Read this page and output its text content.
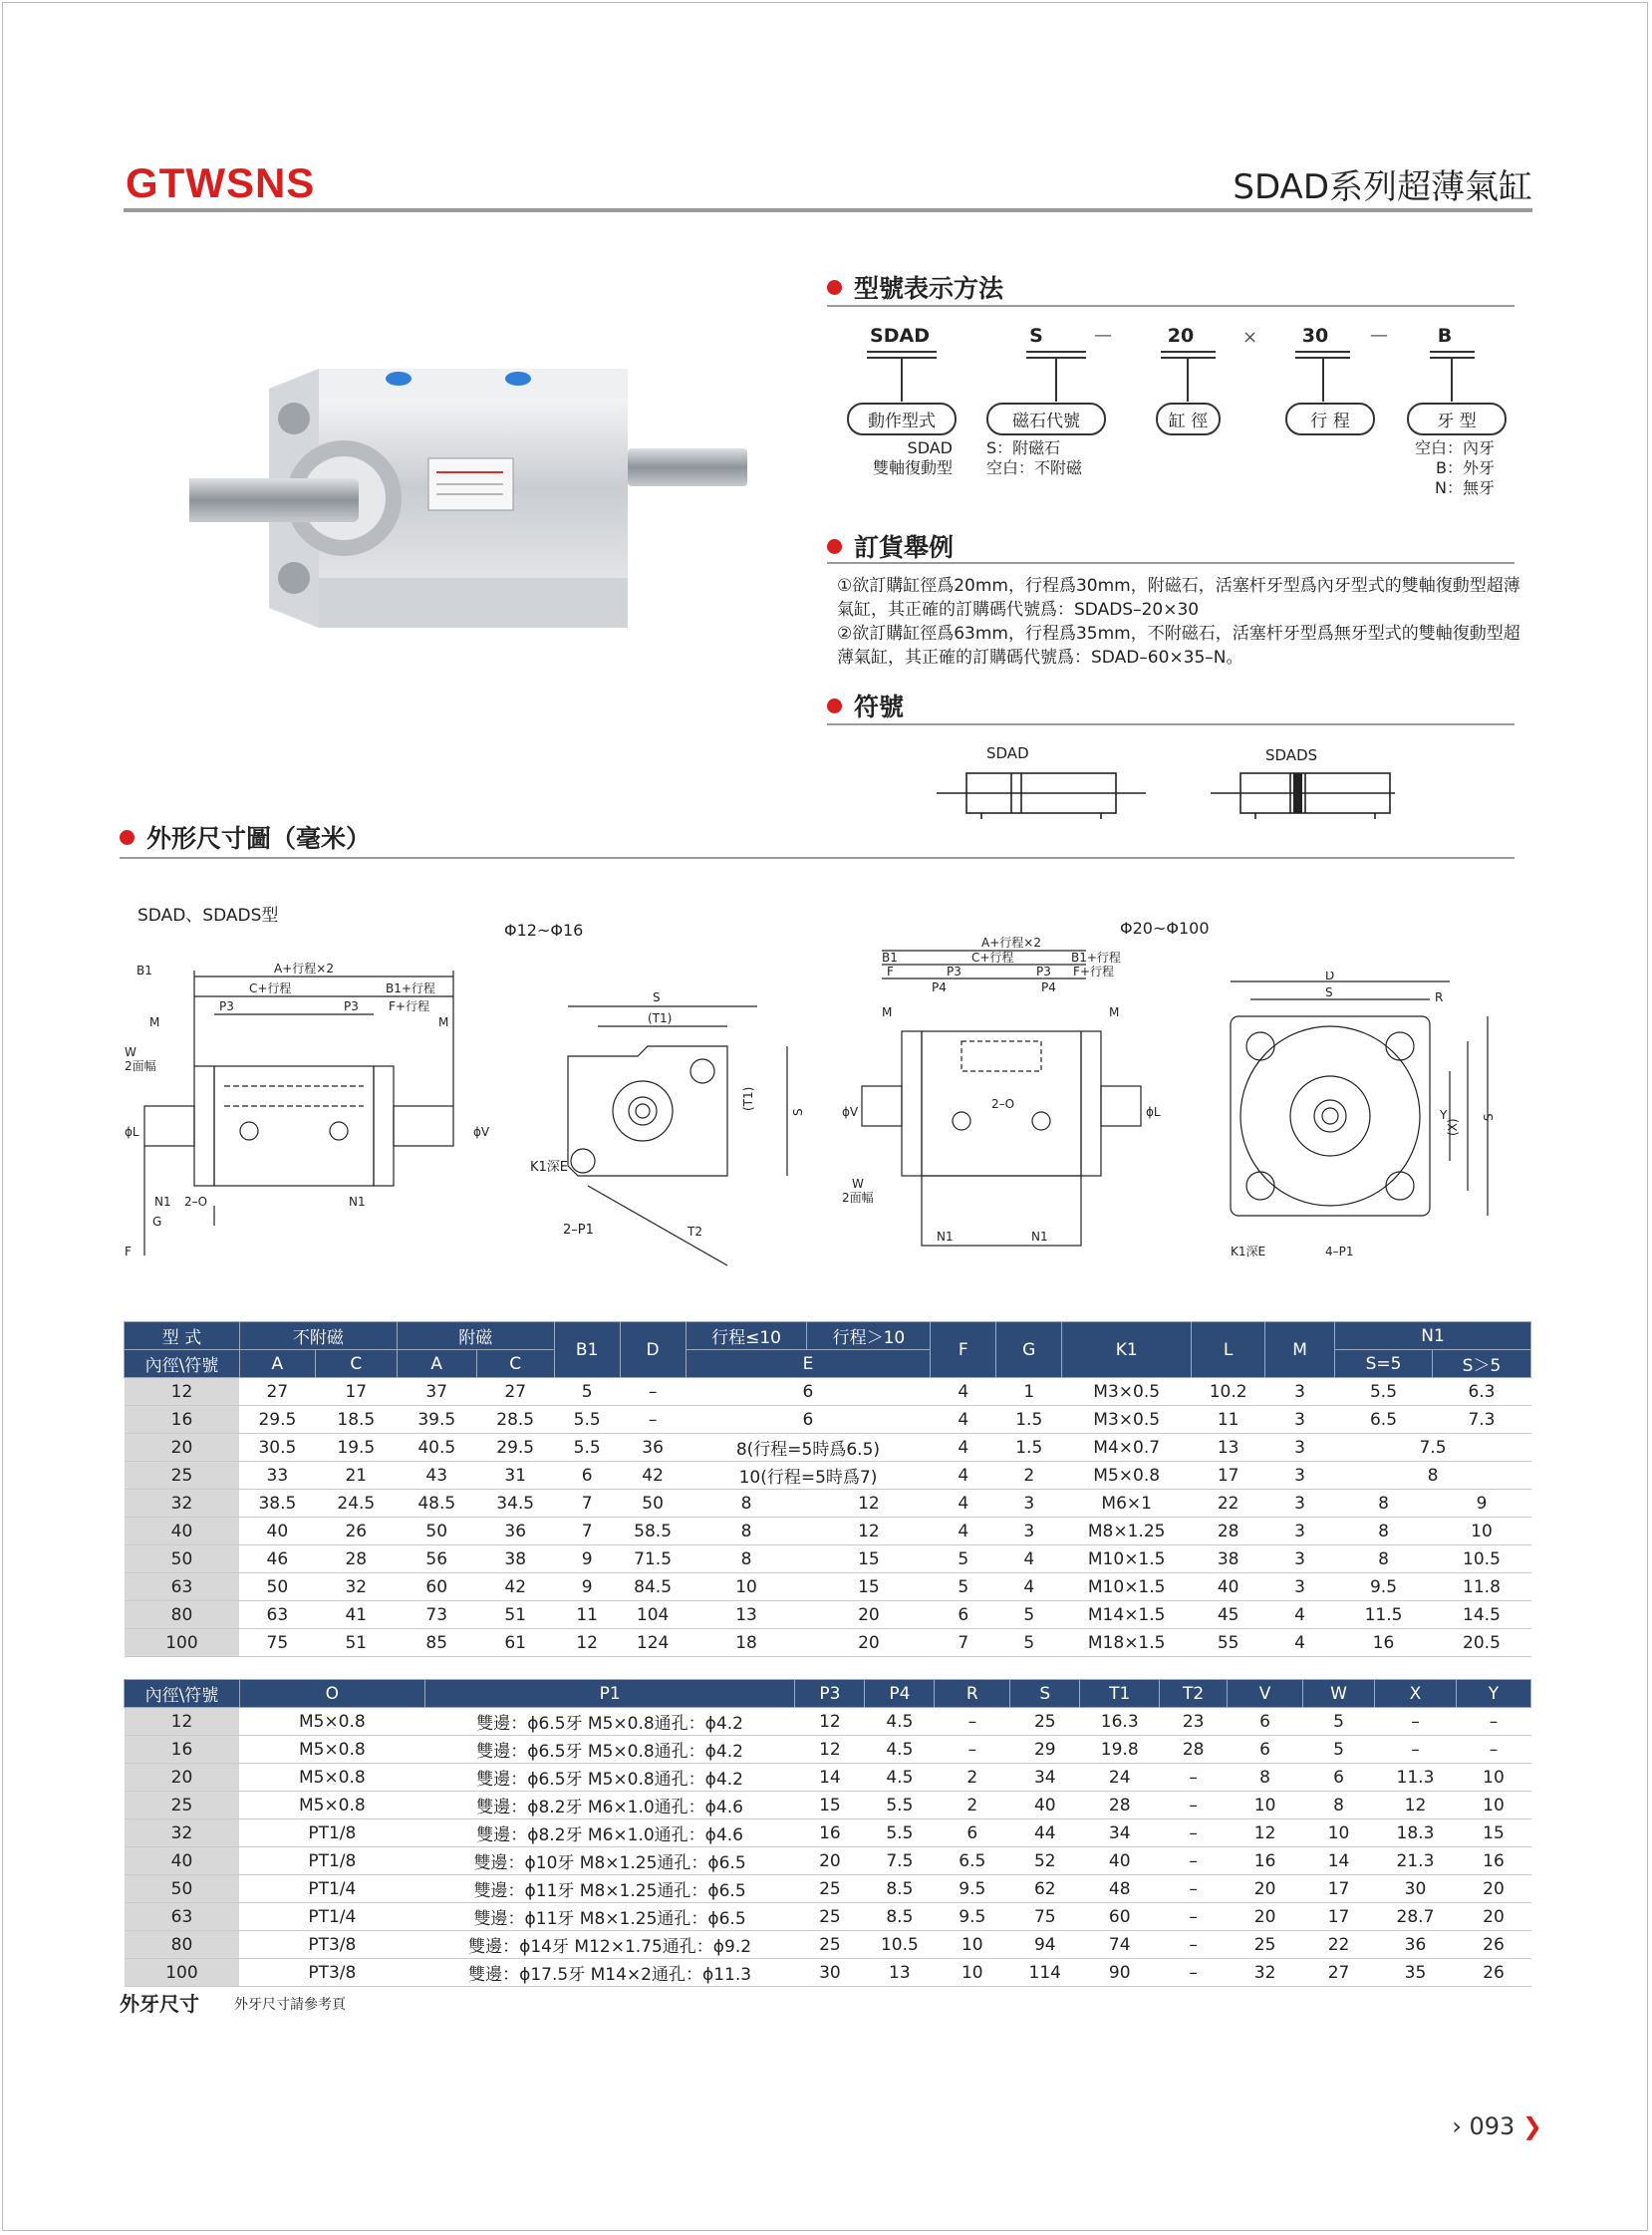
GTWSNS	SDAD系列超薄氣缸
型號表示方法
SDAD	S	—	20	×	30	—	B
動作型式	磁石代號	缸 徑	行 程	牙 型
SDAD
雙軸復動型
S：附磁石
空白：不附磁
空白：內牙
B：外牙
N：無牙
訂貨舉例
①欲訂購缸徑爲20mm，行程爲30mm，附磁石，活塞杆牙型爲內牙型式的雙軸復動型超薄氣缸，其正確的訂購碼代號爲：SDADS–20×30
②欲訂購缸徑爲63mm，行程爲35mm，不附磁石，活塞杆牙型爲無牙型式的雙軸復動型超薄氣缸，其正確的訂購碼代號爲：SDAD–60×35–N。
符號
SDAD	SDADS
外形尺寸圖（毫米）
SDAD、SDADS型
Φ12~Φ16	Φ20~Φ100
A+行程×2
B1
C+行程	B1+行程
F+行程
P3	P3
M	M
W
2面幅
ϕL	ϕV
N1	N1
2–O
G
F
S
(T1)
(T1)
S
T2
K1深E
2–P1
A+行程×2
B1	C+行程	B1+行程
F	P3	P3 F+行程
P4	P4
M	M
ϕV	ϕL
2–O
W
2面幅
N1	N1
D
S	R
Y
(X)
S
K1深E	4–P1
型 式	不附磁		附磁		B1	D	行程≤10	行程＞10	F	G	K1	L	M	N1	
內徑\符號	A	C	A	C			E							S=5	S＞5
12	27	17	37	27	5	–	6		4	1	M3×0.5	10.2	3	5.5	6.3
16	29.5	18.5	39.5	28.5	5.5	–	6		4	1.5	M3×0.5	11	3	6.5	7.3
20	30.5	19.5	40.5	29.5	5.5	36	8(行程=5時爲6.5)		4	1.5	M4×0.7	13	3	7.5	
25	33	21	43	31	6	42	10(行程=5時爲7)		4	2	M5×0.8	17	3	8	
32	38.5	24.5	48.5	34.5	7	50	8	12	4	3	M6×1	22	3	8	9
40	40	26	50	36	7	58.5	8	12	4	3	M8×1.25	28	3	8	10
50	46	28	56	38	9	71.5	8	15	5	4	M10×1.5	38	3	8	10.5
63	50	32	60	42	9	84.5	10	15	5	4	M10×1.5	40	3	9.5	11.8
80	63	41	73	51	11	104	13	20	6	5	M14×1.5	45	4	11.5	14.5
100	75	51	85	61	12	124	18	20	7	5	M18×1.5	55	4	16	20.5
內徑\符號	O	P1	P3	P4	R	S	T1	T2	V	W	X	Y
12	M5×0.8	雙邊：ϕ6.5牙 M5×0.8通孔：ϕ4.2	12	4.5	–	25	16.3	23	6	5	–	–
16	M5×0.8	雙邊：ϕ6.5牙 M5×0.8通孔：ϕ4.2	12	4.5	–	29	19.8	28	6	5	–	–
20	M5×0.8	雙邊：ϕ6.5牙 M5×0.8通孔：ϕ4.2	14	4.5	2	34	24	–	8	6	11.3	10
25	M5×0.8	雙邊：ϕ8.2牙 M6×1.0通孔：ϕ4.6	15	5.5	2	40	28	–	10	8	12	10
32	PT1/8	雙邊：ϕ8.2牙 M6×1.0通孔：ϕ4.6	16	5.5	6	44	34	–	12	10	18.3	15
40	PT1/8	雙邊：ϕ10牙 M8×1.25通孔：ϕ6.5	20	7.5	6.5	52	40	–	16	14	21.3	16
50	PT1/4	雙邊：ϕ11牙 M8×1.25通孔：ϕ6.5	25	8.5	9.5	62	48	–	20	17	30	20
63	PT1/4	雙邊：ϕ11牙 M8×1.25通孔：ϕ6.5	25	8.5	9.5	75	60	–	20	17	28.7	20
80	PT3/8	雙邊：ϕ14牙 M12×1.75通孔：ϕ9.2	25	10.5	10	94	74	–	25	22	36	26
100	PT3/8	雙邊：ϕ17.5牙 M14×2通孔：ϕ11.3	30	13	10	114	90	–	32	27	35	26
外牙尺寸	外牙尺寸請參考頁
› 093 ❯
